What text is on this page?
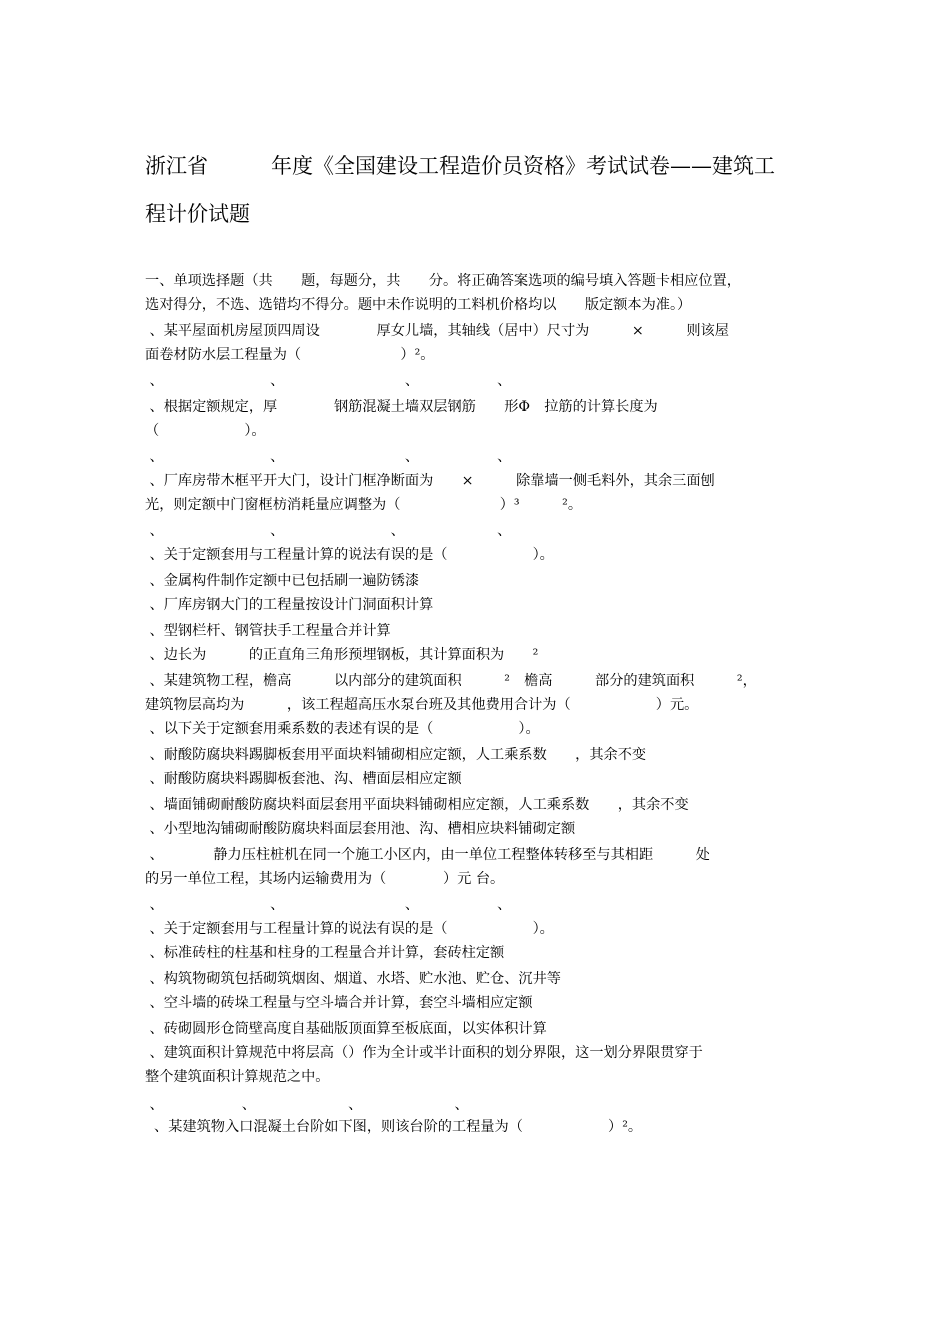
浙江省　　　年度《全国建设工程造价员资格》考试试卷——建筑工
程计价试题
一、单项选择题（共　　题，每题分，共　　分。将正确答案选项的编号填入答题卡相应位置，
选对得分，不选、选错均不得分。题中未作说明的工料机价格均以　　版定额本为准。）
、某平屋面机房屋顶四周设　　　　厚女儿墙，其轴线（居中）尺寸为　　　×　　　则该屋
面卷材防水层工程量为（　　　　　　　）²。
、　　　　　　　　、　　　　　　　　　、　　　　　　、
、根据定额规定，厚　　　　钢筋混凝土墙双层钢筋　　形Φ　拉筋的计算长度为
（　　　　　　）。
、　　　　　　　　、　　　　　　　　　、　　　　　　、
、厂库房带木框平开大门，设计门框净断面为　　×　　　除靠墙一侧毛料外，其余三面刨
光，则定额中门窗框枋消耗量应调整为（　　　　　　　）³　　　²。
、　　　　　　　　、　　　　　　　　、　　　　　　　、
、关于定额套用与工程量计算的说法有误的是（　　　　　　）。
、金属构件制作定额中已包括刷一遍防锈漆
、厂库房钢大门的工程量按设计门洞面积计算
、型钢栏杆、钢管扶手工程量合并计算
、边长为　　　的正直角三角形预埋钢板，其计算面积为　　²
、某建筑物工程，檐高　　　以内部分的建筑面积　　　²　檐高　　　部分的建筑面积　　　²，
建筑物层高均为　　　，该工程超高压水泵台班及其他费用合计为（　　　　　　）元。
、以下关于定额套用乘系数的表述有误的是（　　　　　　）。
、耐酸防腐块料踢脚板套用平面块料铺砌相应定额，人工乘系数　　，其余不变
、耐酸防腐块料踢脚板套池、沟、槽面层相应定额
、墙面铺砌耐酸防腐块料面层套用平面块料铺砌相应定额，人工乘系数　　，其余不变
、小型地沟铺砌耐酸防腐块料面层套用池、沟、槽相应块料铺砌定额
、　　　　静力压柱桩机在同一个施工小区内，由一单位工程整体转移至与其相距　　　处
的另一单位工程，其场内运输费用为（　　　　）元 台。
、　　　　　　　　、　　　　　　　　　、　　　　　　、
、关于定额套用与工程量计算的说法有误的是（　　　　　　）。
、标准砖柱的柱基和柱身的工程量合并计算，套砖柱定额
、构筑物砌筑包括砌筑烟囱、烟道、水塔、贮水池、贮仓、沉井等
、空斗墙的砖垛工程量与空斗墙合并计算，套空斗墙相应定额
、砖砌圆形仓筒壁高度自基础版顶面算至板底面，以实体积计算
、建筑面积计算规范中将层高（）作为全计或半计面积的划分界限，这一划分界限贯穿于
整个建筑面积计算规范之中。
、　　　　　　、　　　　　　　、　　　　　　　、
、某建筑物入口混凝土台阶如下图，则该台阶的工程量为（　　　　　　）²。
